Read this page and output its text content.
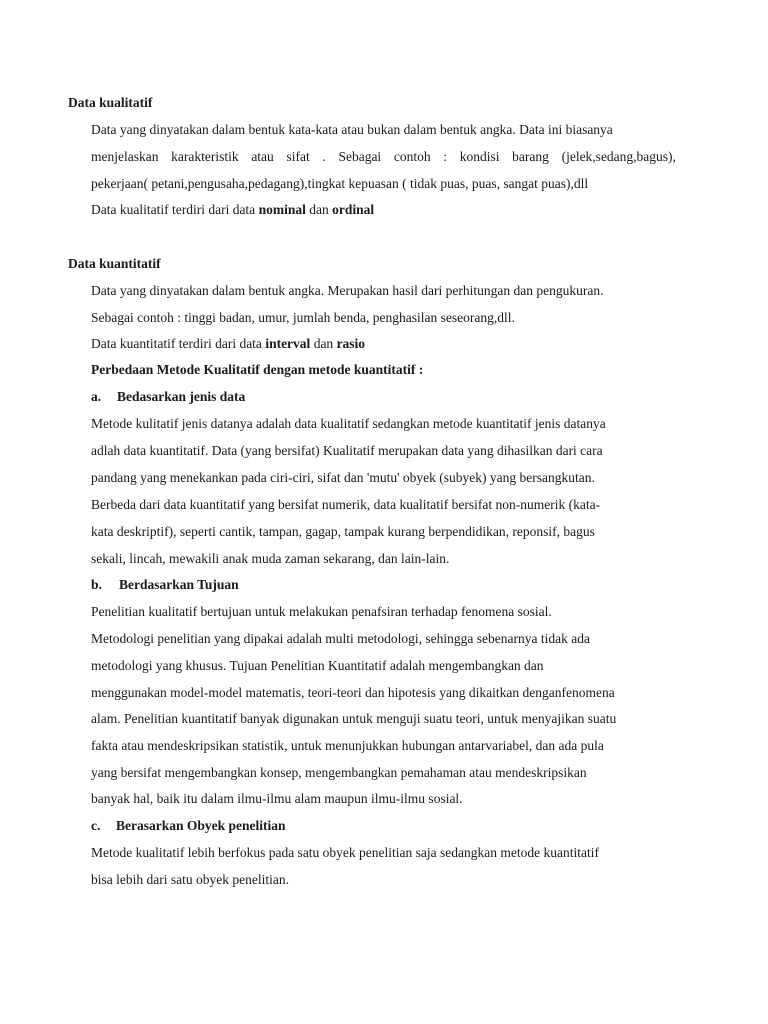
Data kualitatif
Data yang dinyatakan dalam bentuk kata-kata atau bukan dalam bentuk angka. Data ini biasanya
menjelaskan karakteristik atau sifat . Sebagai contoh : kondisi barang (jelek,sedang,bagus),
pekerjaan( petani,pengusaha,pedagang),tingkat kepuasan ( tidak puas, puas, sangat puas),dll
Data kualitatif terdiri dari data nominal dan ordinal
Data kuantitatif
Data yang dinyatakan dalam bentuk angka. Merupakan hasil dari perhitungan dan pengukuran.
Sebagai contoh : tinggi badan, umur, jumlah benda, penghasilan seseorang,dll.
Data kuantitatif terdiri dari data interval dan rasio
Perbedaan Metode Kualitatif dengan metode kuantitatif :
a. Bedasarkan jenis data
Metode kulitatif jenis datanya adalah data kualitatif sedangkan metode kuantitatif jenis datanya
adlah data kuantitatif. Data (yang bersifat) Kualitatif merupakan data yang dihasilkan dari cara
pandang yang menekankan pada ciri-ciri, sifat dan 'mutu' obyek (subyek) yang bersangkutan.
Berbeda dari data kuantitatif yang bersifat numerik, data kualitatif bersifat non-numerik (kata-
kata deskriptif), seperti cantik, tampan, gagap, tampak kurang berpendidikan, reponsif, bagus
sekali, lincah, mewakili anak muda zaman sekarang, dan lain-lain.
b. Berdasarkan Tujuan
Penelitian kualitatif bertujuan untuk melakukan penafsiran terhadap fenomena sosial.
Metodologi penelitian yang dipakai adalah multi metodologi, sehingga sebenarnya tidak ada
metodologi yang khusus. Tujuan Penelitian Kuantitatif adalah mengembangkan dan
menggunakan model-model matematis, teori-teori dan hipotesis yang dikaitkan denganfenomena
alam. Penelitian kuantitatif banyak digunakan untuk menguji suatu teori, untuk menyajikan suatu
fakta atau mendeskripsikan statistik, untuk menunjukkan hubungan antarvariabel, dan ada pula
yang bersifat mengembangkan konsep, mengembangkan pemahaman atau mendeskripsikan
banyak hal, baik itu dalam ilmu-ilmu alam maupun ilmu-ilmu sosial.
c. Berasarkan Obyek penelitian
Metode kualitatif lebih berfokus pada satu obyek penelitian saja sedangkan metode kuantitatif
bisa lebih dari satu obyek penelitian.
